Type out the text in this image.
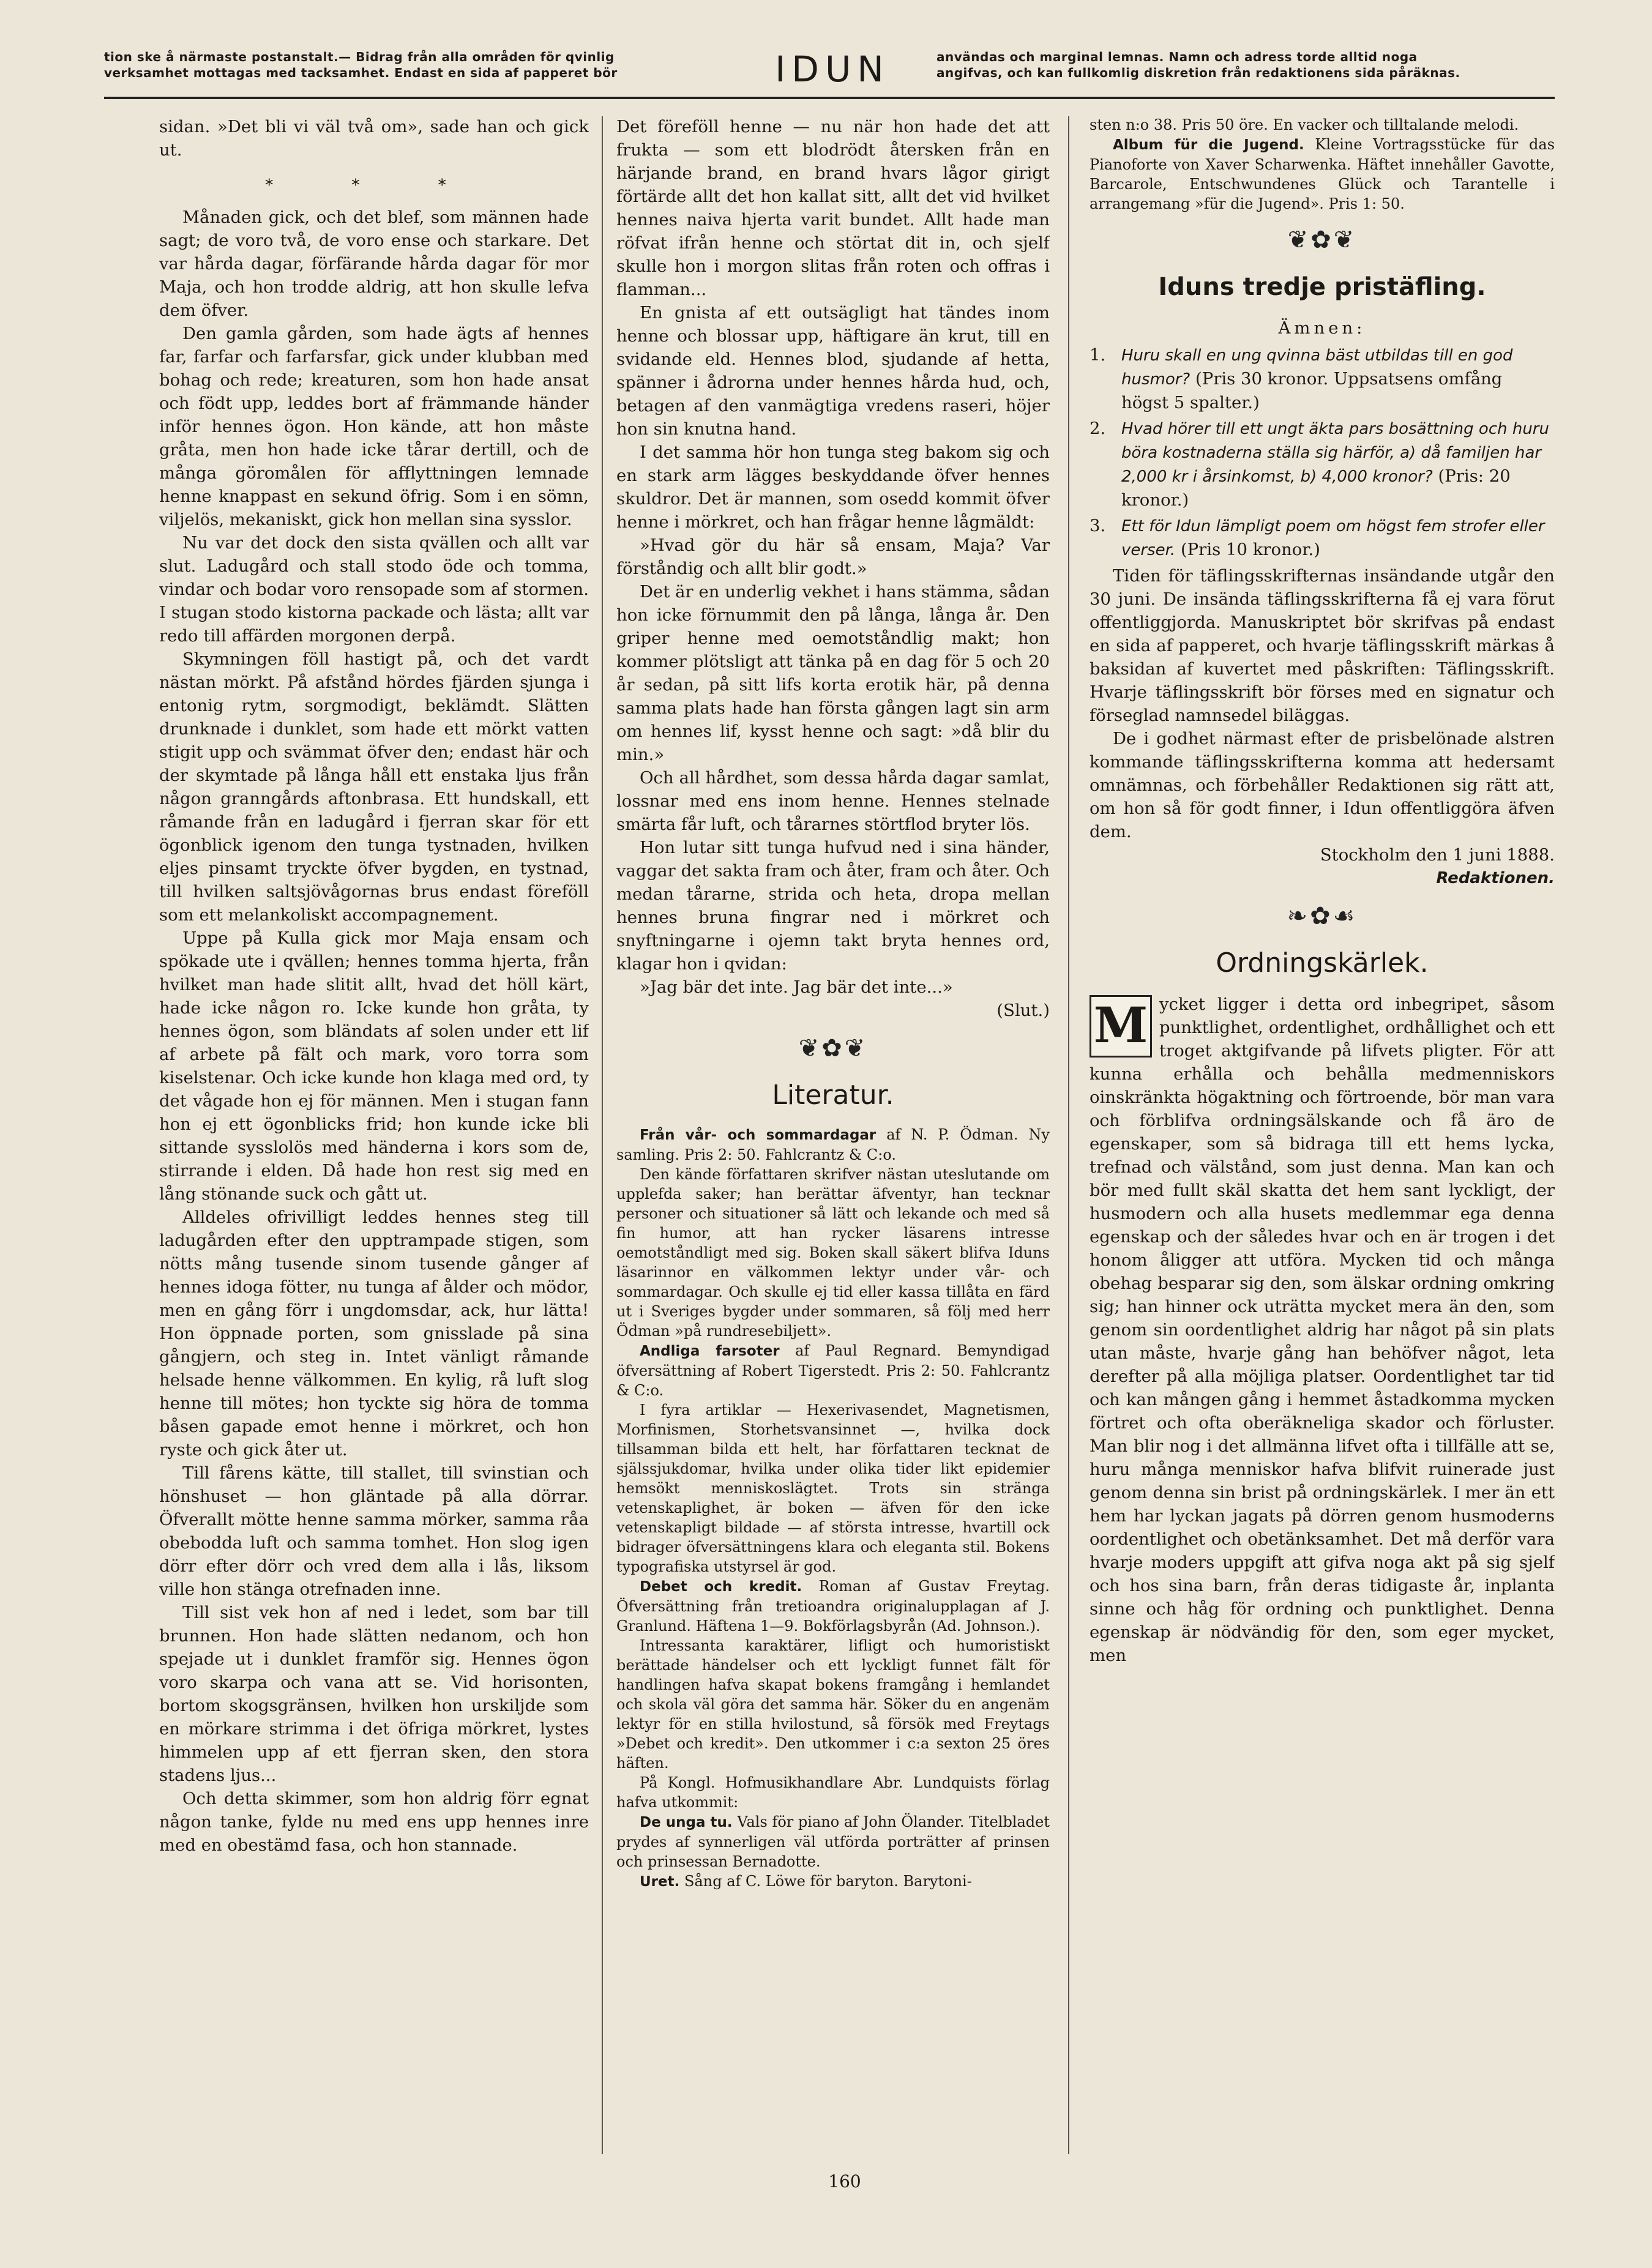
tion ske å närmaste postanstalt.— Bidrag från alla områden för qvinlig
verksamhet mottagas med tacksamhet. Endast en sida af papperet bör	IDUN	användas och marginal lemnas. Namn och adress torde alltid noga
angifvas, och kan fullkomlig diskretion från redaktionens sida påräknas.

sidan. »Det bli vi väl två om», sade han och gick ut.

* * *

Månaden gick, och det blef, som männen hade sagt; de voro två, de voro ense och starkare. Det var hårda dagar, förfärande hårda dagar för mor Maja, och hon trodde aldrig, att hon skulle lefva dem öfver.

Den gamla gården, som hade ägts af hennes far, farfar och farfarsfar, gick under klubban med bohag och rede; kreaturen, som hon hade ansat och födt upp, leddes bort af främmande händer inför hennes ögon. Hon kände, att hon måste gråta, men hon hade icke tårar dertill, och de många göromålen för afflyttningen lemnade henne knappast en sekund öfrig. Som i en sömn, viljelös, mekaniskt, gick hon mellan sina sysslor.

Nu var det dock den sista qvällen och allt var slut. Ladugård och stall stodo öde och tomma, vindar och bodar voro rensopade som af stormen. I stugan stodo kistorna packade och lästa; allt var redo till affärden morgonen derpå.

Skymningen föll hastigt på, och det vardt nästan mörkt. På afstånd hördes fjärden sjunga i entonig rytm, sorgmodigt, beklämdt. Slätten drunknade i dunklet, som hade ett mörkt vatten stigit upp och svämmat öfver den; endast här och der skymtade på långa håll ett enstaka ljus från någon granngårds aftonbrasa. Ett hundskall, ett råmande från en ladugård i fjerran skar för ett ögonblick igenom den tunga tystnaden, hvilken eljes pinsamt tryckte öfver bygden, en tystnad, till hvilken saltsjövågornas brus endast föreföll som ett melankoliskt accompagnement.

Uppe på Kulla gick mor Maja ensam och spökade ute i qvällen; hennes tomma hjerta, från hvilket man hade slitit allt, hvad det höll kärt, hade icke någon ro. Icke kunde hon gråta, ty hennes ögon, som bländats af solen under ett lif af arbete på fält och mark, voro torra som kiselstenar. Och icke kunde hon klaga med ord, ty det vågade hon ej för männen. Men i stugan fann hon ej ett ögonblicks frid; hon kunde icke bli sittande sysslolös med händerna i kors som de, stirrande i elden. Då hade hon rest sig med en lång stönande suck och gått ut.

Alldeles ofrivilligt leddes hennes steg till ladugården efter den upptrampade stigen, som nötts mång tusende sinom tusende gånger af hennes idoga fötter, nu tunga af ålder och mödor, men en gång förr i ungdomsdar, ack, hur lätta! Hon öppnade porten, som gnisslade på sina gångjern, och steg in. Intet vänligt råmande helsade henne välkommen. En kylig, rå luft slog henne till mötes; hon tyckte sig höra de tomma båsen gapade emot henne i mörkret, och hon ryste och gick åter ut.

Till fårens kätte, till stallet, till svinstian och hönshuset — hon gläntade på alla dörrar. Öfverallt mötte henne samma mörker, samma råa obebodda luft och samma tomhet. Hon slog igen dörr efter dörr och vred dem alla i lås, liksom ville hon stänga otrefnaden inne.

Till sist vek hon af ned i ledet, som bar till brunnen. Hon hade slätten nedanom, och hon spejade ut i dunklet framför sig. Hennes ögon voro skarpa och vana att se. Vid horisonten, bortom skogsgränsen, hvilken hon urskiljde som en mörkare strimma i det öfriga mörkret, lystes himmelen upp af ett fjerran sken, den stora stadens ljus...

Och detta skimmer, som hon aldrig förr egnat någon tanke, fylde nu med ens upp hennes inre med en obestämd fasa, och hon stannade.

Det föreföll henne — nu när hon hade det att frukta — som ett blodrödt återsken från en härjande brand, en brand hvars lågor girigt förtärde allt det hon kallat sitt, allt det vid hvilket hennes naiva hjerta varit bundet. Allt hade man röfvat ifrån henne och störtat dit in, och sjelf skulle hon i morgon slitas från roten och offras i flamman...

En gnista af ett outsägligt hat tändes inom henne och blossar upp, häftigare än krut, till en svidande eld. Hennes blod, sjudande af hetta, spänner i ådrorna under hennes hårda hud, och, betagen af den vanmägtiga vredens raseri, höjer hon sin knutna hand.

I det samma hör hon tunga steg bakom sig och en stark arm lägges beskyddande öfver hennes skuldror. Det är mannen, som osedd kommit öfver henne i mörkret, och han frågar henne lågmäldt:

»Hvad gör du här så ensam, Maja? Var förståndig och allt blir godt.»

Det är en underlig vekhet i hans stämma, sådan hon icke förnummit den på långa, långa år. Den griper henne med oemotståndlig makt; hon kommer plötsligt att tänka på en dag för 5 och 20 år sedan, på sitt lifs korta erotik här, på denna samma plats hade han första gången lagt sin arm om hennes lif, kysst henne och sagt: »då blir du min.»

Och all hårdhet, som dessa hårda dagar samlat, lossnar med ens inom henne. Hennes stelnade smärta får luft, och tårarnes störtflod bryter lös.

Hon lutar sitt tunga hufvud ned i sina händer, vaggar det sakta fram och åter, fram och åter. Och medan tårarne, strida och heta, dropa mellan hennes bruna fingrar ned i mörkret och snyftningarne i ojemn takt bryta hennes ord, klagar hon i qvidan:

»Jag bär det inte. Jag bär det inte...»

(Slut.)
❦✿❦
Literatur.

Från vår- och sommardagar af N. P. Ödman. Ny samling. Pris 2: 50. Fahlcrantz & C:o.

Den kände författaren skrifver nästan uteslutande om upplefda saker; han berättar äfventyr, han tecknar personer och situationer så lätt och lekande och med så fin humor, att han rycker läsarens intresse oemotståndligt med sig. Boken skall säkert blifva Iduns läsarinnor en välkommen lektyr under vår- och sommardagar. Och skulle ej tid eller kassa tillåta en färd ut i Sveriges bygder under sommaren, så följ med herr Ödman »på rundresebiljett».

Andliga farsoter af Paul Regnard. Bemyndigad öfversättning af Robert Tigerstedt. Pris 2: 50. Fahlcrantz & C:o.

I fyra artiklar — Hexerivasendet, Magnetismen, Morfinismen, Storhetsvansinnet —, hvilka dock tillsamman bilda ett helt, har författaren tecknat de själssjukdomar, hvilka under olika tider likt epidemier hemsökt menniskoslägtet. Trots sin stränga vetenskaplighet, är boken — äfven för den icke vetenskapligt bildade — af största intresse, hvartill ock bidrager öfversättningens klara och eleganta stil. Bokens typografiska utstyrsel är god.

Debet och kredit. Roman af Gustav Freytag. Öfversättning från tretioandra originalupplagan af J. Granlund. Häftena 1—9. Bokförlagsbyrån (Ad. Johnson.).

Intressanta karaktärer, lifligt och humoristiskt berättade händelser och ett lyckligt funnet fält för handlingen hafva skapat bokens framgång i hemlandet och skola väl göra det samma här. Söker du en angenäm lektyr för en stilla hvilostund, så försök med Freytags »Debet och kredit». Den utkommer i c:a sexton 25 öres häften.

På Kongl. Hofmusikhandlare Abr. Lundquists förlag hafva utkommit:

De unga tu. Vals för piano af John Ölander. Titelbladet prydes af synnerligen väl utförda porträtter af prinsen och prinsessan Bernadotte.

Uret. Sång af C. Löwe för baryton. Barytoni-

sten n:o 38. Pris 50 öre. En vacker och tilltalande melodi.

Album für die Jugend. Kleine Vortragsstücke für das Pianoforte von Xaver Scharwenka. Häftet innehåller Gavotte, Barcarole, Entschwundenes Glück och Tarantelle i arrangemang »für die Jugend». Pris 1: 50.

❦✿❦
Iduns tredje pristäfling.
Ämnen:
1. Huru skall en ung qvinna bäst utbildas till en god husmor? (Pris 30 kronor. Uppsatsens omfång högst 5 spalter.)
2. Hvad hörer till ett ungt äkta pars bosättning och huru böra kostnaderna ställa sig härför, a) då familjen har 2,000 kr i årsinkomst, b) 4,000 kronor? (Pris: 20 kronor.)
3. Ett för Idun lämpligt poem om högst fem strofer eller verser. (Pris 10 kronor.)

Tiden för täflingsskrifternas insändande utgår den 30 juni. De insända täflingsskrifterna få ej vara förut offentliggjorda. Manuskriptet bör skrifvas på endast en sida af papperet, och hvarje täflingsskrift märkas å baksidan af kuvertet med påskriften: Täflingsskrift. Hvarje täflingsskrift bör förses med en signatur och förseglad namnsedel biläggas.

De i godhet närmast efter de prisbelönade alstren kommande täflingsskrifterna komma att hedersamt omnämnas, och förbehåller Redaktionen sig rätt att, om hon så för godt finner, i Idun offentliggöra äfven dem.

Stockholm den 1 juni 1888.
Redaktionen.
❧✿☙
Ordningskärlek.
M ycket ligger i detta ord inbegripet, såsom punktlighet, ordentlighet, ordhållighet och ett troget aktgifvande på lifvets pligter. För att kunna erhålla och behålla medmenniskors oinskränkta högaktning och förtroende, bör man vara och förblifva ordningsälskande och få äro de egenskaper, som så bidraga till ett hems lycka, trefnad och välstånd, som just denna. Man kan och bör med fullt skäl skatta det hem sant lyckligt, der husmodern och alla husets medlemmar ega denna egenskap och der således hvar och en är trogen i det honom åligger att utföra. Mycken tid och många obehag besparar sig den, som älskar ordning omkring sig; han hinner ock uträtta mycket mera än den, som genom sin oordentlighet aldrig har något på sin plats utan måste, hvarje gång han behöfver något, leta derefter på alla möjliga platser. Oordentlighet tar tid och kan mången gång i hemmet åstadkomma mycken förtret och ofta oberäkneliga skador och förluster. Man blir nog i det allmänna lifvet ofta i tillfälle att se, huru många menniskor hafva blifvit ruinerade just genom denna sin brist på ordningskärlek. I mer än ett hem har lyckan jagats på dörren genom husmoderns oordentlighet och obetänksamhet. Det må derför vara hvarje moders uppgift att gifva noga akt på sig sjelf och hos sina barn, från deras tidigaste år, inplanta sinne och håg för ordning och punktlighet. Denna egenskap är nödvändig för den, som eger mycket, men

160
